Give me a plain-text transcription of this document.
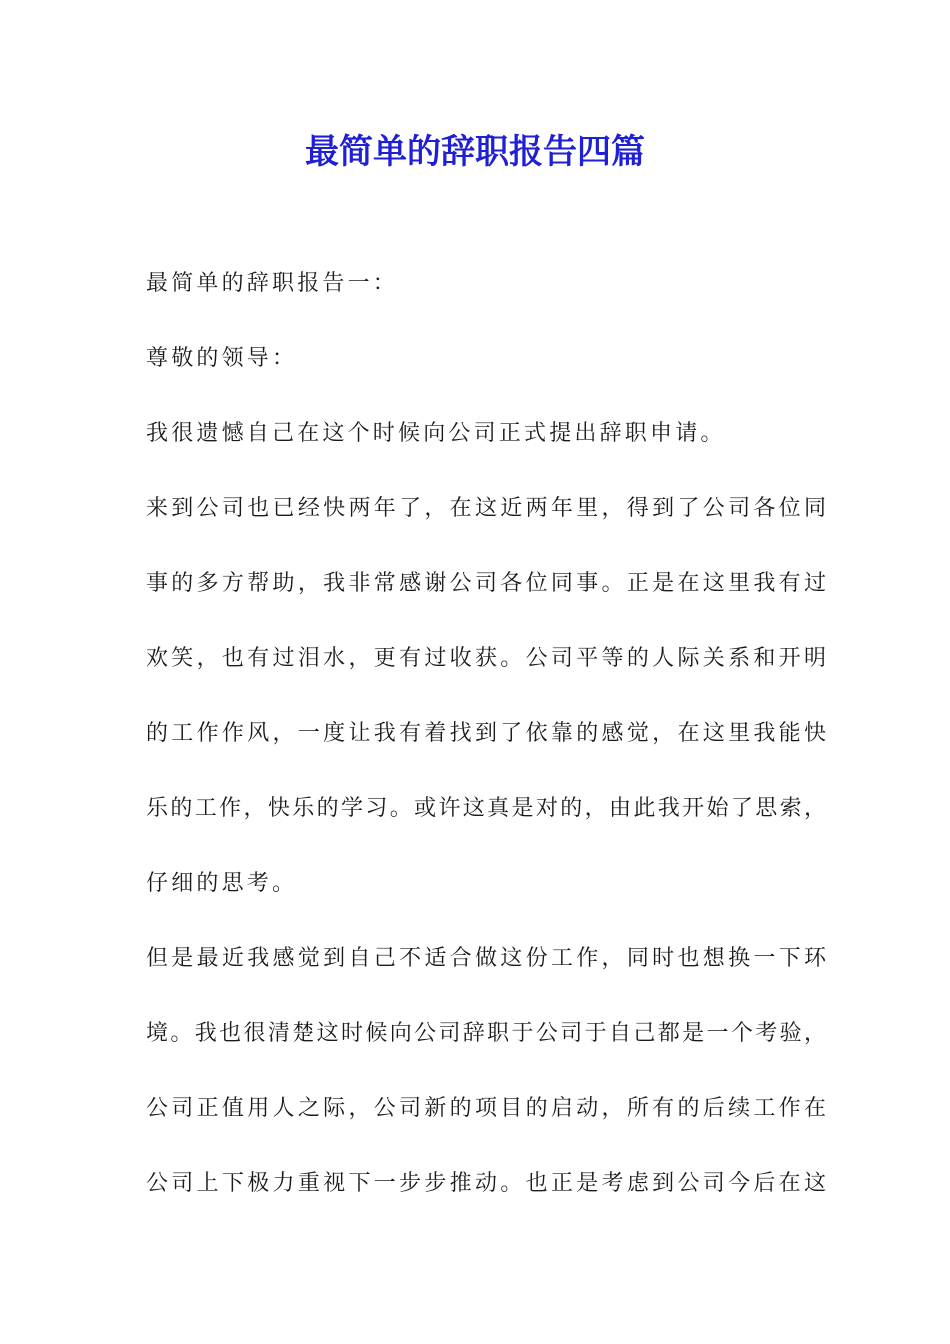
最简单的辞职报告四篇

最简单的辞职报告一：

尊敬的领导：

我很遗憾自己在这个时候向公司正式提出辞职申请。

来到公司也已经快两年了，在这近两年里，得到了公司各位同

事的多方帮助，我非常感谢公司各位同事。正是在这里我有过

欢笑，也有过泪水，更有过收获。公司平等的人际关系和开明

的工作作风，一度让我有着找到了依靠的感觉，在这里我能快

乐的工作，快乐的学习。或许这真是对的，由此我开始了思索，

仔细的思考。

但是最近我感觉到自己不适合做这份工作，同时也想换一下环

境。我也很清楚这时候向公司辞职于公司于自己都是一个考验，

公司正值用人之际，公司新的项目的启动，所有的后续工作在

公司上下极力重视下一步步推动。也正是考虑到公司今后在这
